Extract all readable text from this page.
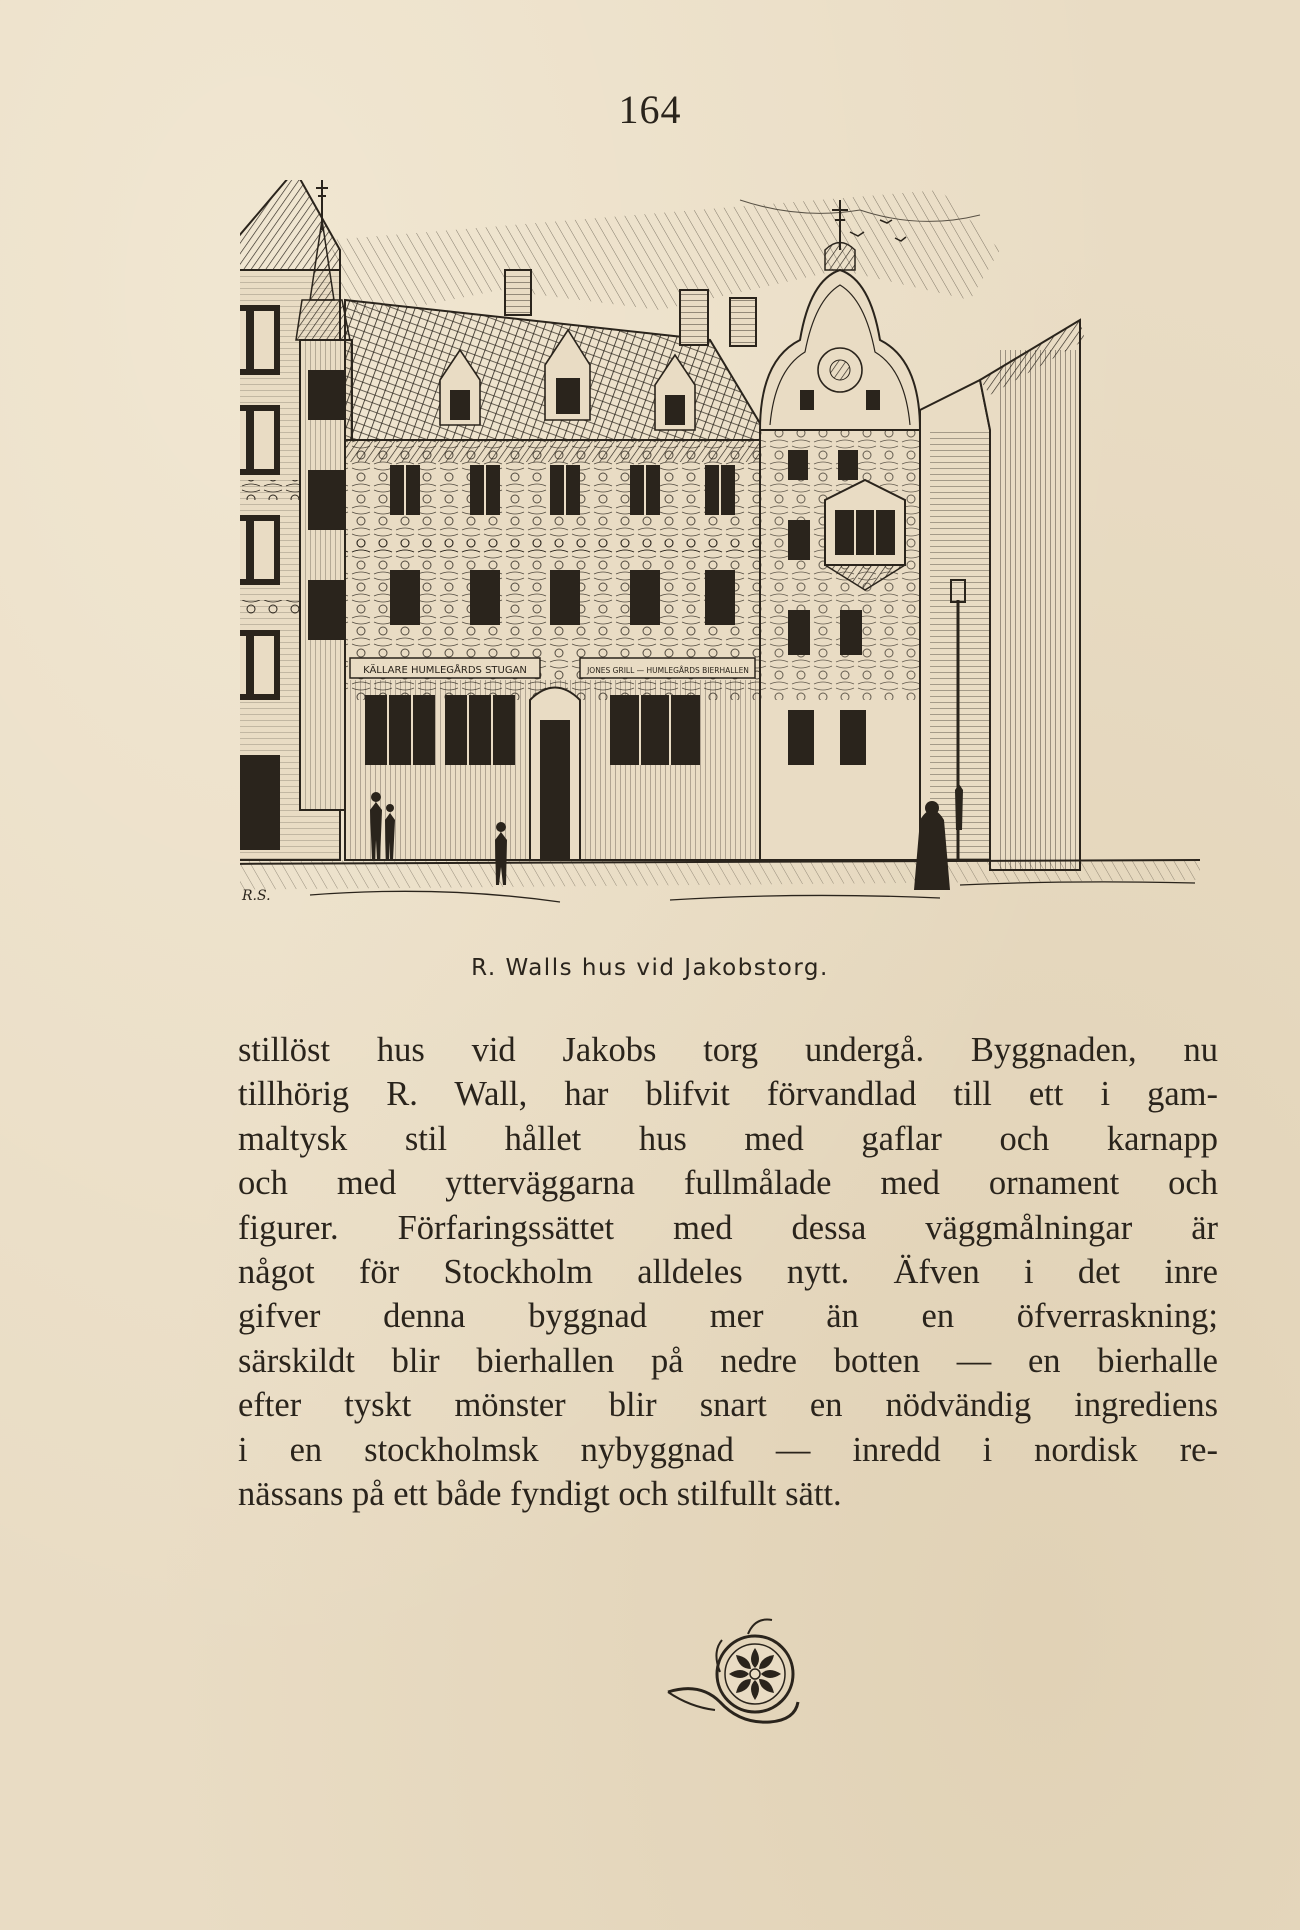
164
KÄLLARE HUMLEGÅRDS STUGAN	JONES GRILL — HUMLEGÅRDS BIERHALLEN
R.S.
R. Walls hus vid Jakobstorg.
stillöst hus vid Jakobs torg undergå. Byggnaden, nu
tillhörig R. Wall, har blifvit förvandlad till ett i gam-
maltysk stil hållet hus med gaflar och karnapp
och med ytterväggarna fullmålade med ornament och
figurer. Förfaringssättet med dessa väggmålningar är
något för Stockholm alldeles nytt. Äfven i det inre
gifver denna byggnad mer än en öfverraskning;
särskildt blir bierhallen på nedre botten — en bierhalle
efter tyskt mönster blir snart en nödvändig ingrediens
i en stockholmsk nybyggnad — inredd i nordisk re-
nässans på ett både fyndigt och stilfullt sätt.
